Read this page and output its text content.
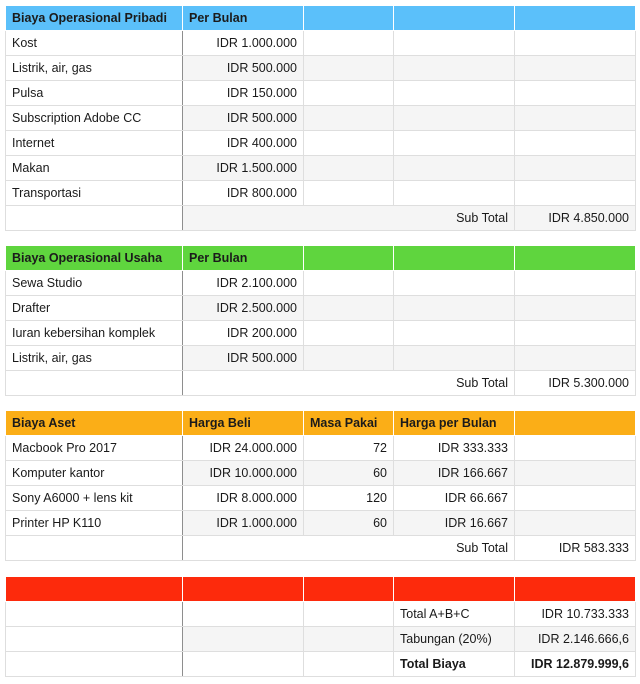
Biaya Operasional Pribadi	Per Bulan			
Kost	IDR 1.000.000			
Listrik, air, gas	IDR 500.000			
Pulsa	IDR 150.000			
Subscription Adobe CC	IDR 500.000			
Internet	IDR 400.000			
Makan	IDR 1.500.000			
Transportasi	IDR 800.000			
	Sub Total			IDR 4.850.000
Biaya Operasional Usaha	Per Bulan			
Sewa Studio	IDR 2.100.000			
Drafter	IDR 2.500.000			
Iuran kebersihan komplek	IDR 200.000			
Listrik, air, gas	IDR 500.000			
	Sub Total			IDR 5.300.000
Biaya Aset	Harga Beli	Masa Pakai	Harga per Bulan	
Macbook Pro 2017	IDR 24.000.000	72	IDR 333.333	
Komputer kantor	IDR 10.000.000	60	IDR 166.667	
Sony A6000 + lens kit	IDR 8.000.000	120	IDR 66.667	
Printer HP K110	IDR 1.000.000	60	IDR 16.667	
	Sub Total			IDR 583.333

			Total A+B+C	IDR 10.733.333
			Tabungan (20%)	IDR 2.146.666,6
			Total Biaya	IDR 12.879.999,6
